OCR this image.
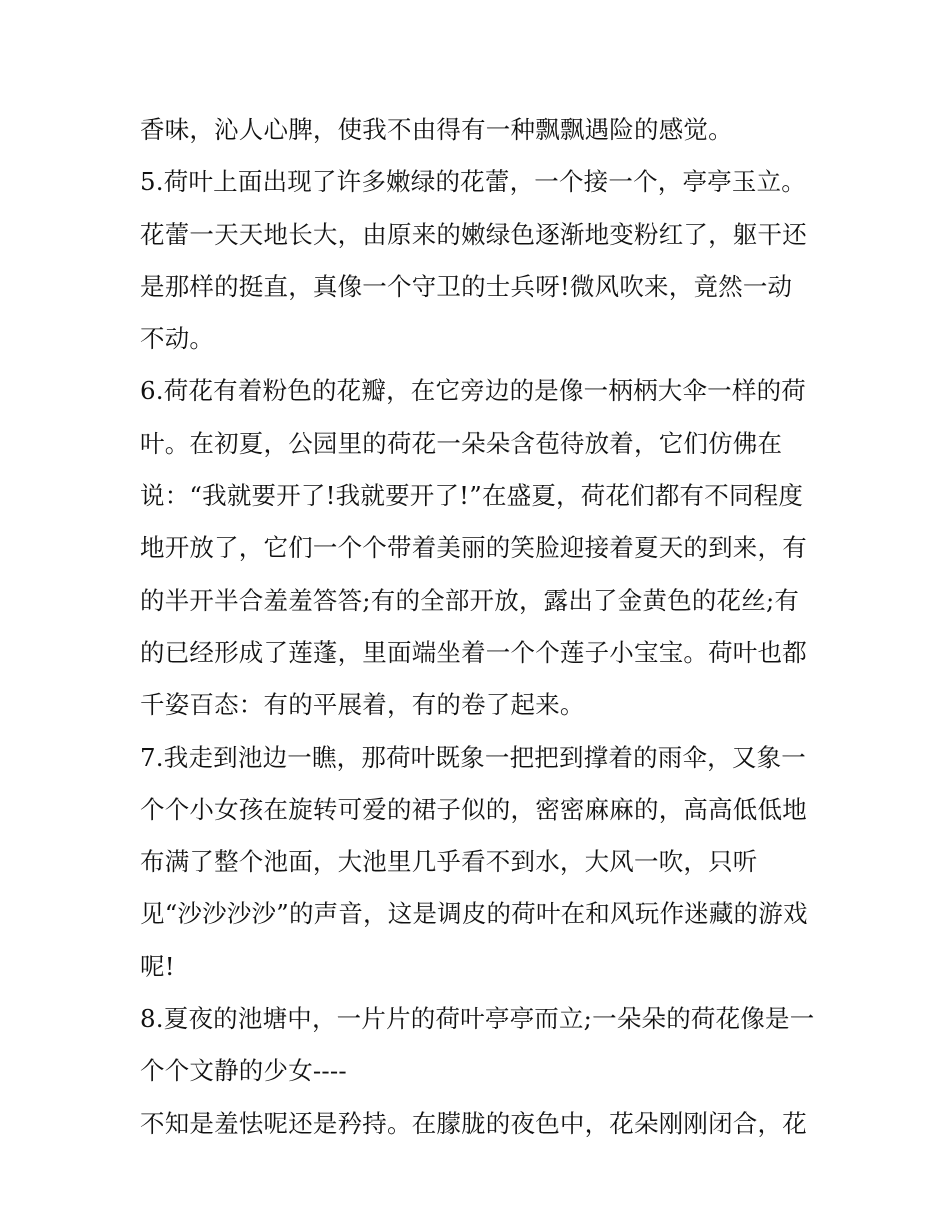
香味，沁人心脾，使我不由得有一种飘飘遇险的感觉。
5.荷叶上面出现了许多嫩绿的花蕾，一个接一个，亭亭玉立。
花蕾一天天地长大，由原来的嫩绿色逐渐地变粉红了，躯干还
是那样的挺直，真像一个守卫的士兵呀!微风吹来，竟然一动
不动。
6.荷花有着粉色的花瓣，在它旁边的是像一柄柄大伞一样的荷
叶。在初夏，公园里的荷花一朵朵含苞待放着，它们仿佛在
说：“我就要开了!我就要开了!”在盛夏，荷花们都有不同程度
地开放了，它们一个个带着美丽的笑脸迎接着夏天的到来，有
的半开半合羞羞答答;有的全部开放，露出了金黄色的花丝;有
的已经形成了莲蓬，里面端坐着一个个莲子小宝宝。荷叶也都
千姿百态：有的平展着，有的卷了起来。
7.我走到池边一瞧，那荷叶既象一把把到撑着的雨伞，又象一
个个小女孩在旋转可爱的裙子似的，密密麻麻的，高高低低地
布满了整个池面，大池里几乎看不到水，大风一吹，只听
见“沙沙沙沙”的声音，这是调皮的荷叶在和风玩作迷藏的游戏
呢!
8.夏夜的池塘中，一片片的荷叶亭亭而立;一朵朵的荷花像是一
个个文静的少女----
不知是羞怯呢还是矜持。在朦胧的夜色中，花朵刚刚闭合，花
